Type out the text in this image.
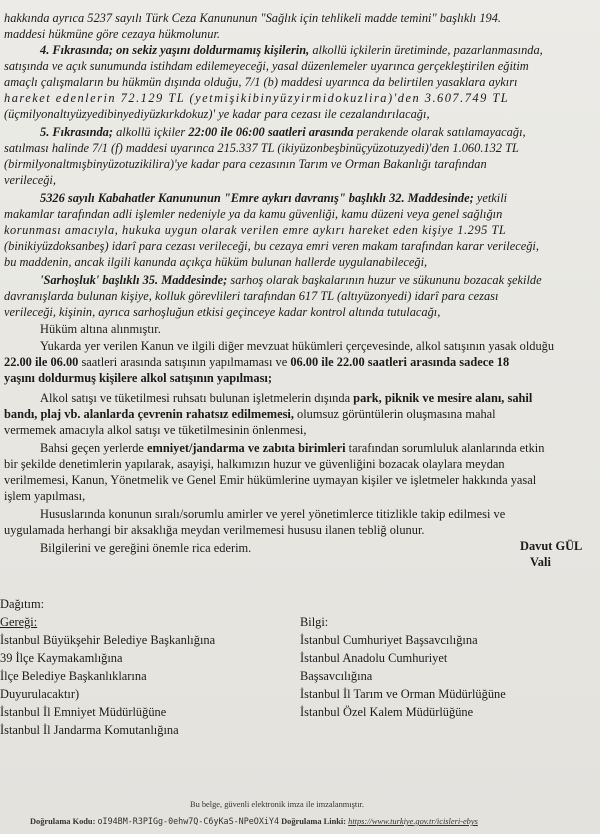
hakkında ayrıca 5237 sayılı Türk Ceza Kanununun "Sağlık için tehlikeli madde temini" başlıklı 194.
maddesi hükmüne göre cezaya hükmolunur.
4. Fıkrasında; on sekiz yaşını doldurmamış kişilerin, alkollü içkilerin üretiminde, pazarlanmasında,
satışında ve açık sunumunda istihdam edilemeyeceği, yasal düzenlemeler uyarınca gerçekleştirilen eğitim
amaçlı çalışmaların bu hükmün dışında olduğu, 7/1 (b) maddesi uyarınca da belirtilen yasaklara aykırı
hareket edenlerin 72.129 TL (yetmişikibinyüzyirmidokuzlira)'den 3.607.749 TL
(üçmilyonaltıyüzyedibinyediyüzkırkdokuz)' ye kadar para cezası ile cezalandırılacağı,
5. Fıkrasında; alkollü içkiler 22:00 ile 06:00 saatleri arasında perakende olarak satılamayacağı,
satılması halinde 7/1 (f) maddesi uyarınca 215.337 TL (ikiyüzonbeşbinüçyüzotuzyedi)'den 1.060.132 TL
(birmilyonaltmışbinyüzotuzikilira)'ye kadar para cezasının Tarım ve Orman Bakanlığı tarafından
verileceği,
5326 sayılı Kabahatler Kanununun "Emre aykırı davranış" başlıklı 32. Maddesinde; yetkili
makamlar tarafından adli işlemler nedeniyle ya da kamu güvenliği, kamu düzeni veya genel sağlığın
korunması amacıyla, hukuka uygun olarak verilen emre aykırı hareket eden kişiye 1.295 TL
(binikiyüzdoksanbeş) idarî para cezası verileceği, bu cezaya emri veren makam tarafından karar verileceği,
bu maddenin, ancak ilgili kanunda açıkça hüküm bulunan hallerde uygulanabileceği,
'Sarhoşluk' başlıklı 35. Maddesinde; sarhoş olarak başkalarının huzur ve sükununu bozacak şekilde
davranışlarda bulunan kişiye, kolluk görevlileri tarafından 617 TL (altıyüzonyedi) idarî para cezası
verileceği, kişinin, ayrıca sarhoşluğun etkisi geçinceye kadar kontrol altında tutulacağı,
Hüküm altına alınmıştır.
Yukarda yer verilen Kanun ve ilgili diğer mevzuat hükümleri çerçevesinde, alkol satışının yasak olduğu
22.00 ile 06.00 saatleri arasında satışının yapılmaması ve 06.00 ile 22.00 saatleri arasında sadece 18
yaşını doldurmuş kişilere alkol satışının yapılması;
Alkol satışı ve tüketilmesi ruhsatı bulunan işletmelerin dışında park, piknik ve mesire alanı, sahil
bandı, plaj vb. alanlarda çevrenin rahatsız edilmemesi, olumsuz görüntülerin oluşmasına mahal
vermemek amacıyla alkol satışı ve tüketilmesinin önlenmesi,
Bahsi geçen yerlerde emniyet/jandarma ve zabıta birimleri tarafından sorumluluk alanlarında etkin
bir şekilde denetimlerin yapılarak, asayişi, halkımızın huzur ve güvenliğini bozacak olaylara meydan
verilmemesi, Kanun, Yönetmelik ve Genel Emir hükümlerine uymayan kişiler ve işletmeler hakkında yasal
işlem yapılması,
Hususlarında konunun sıralı/sorumlu amirler ve yerel yönetimlerce titizlikle takip edilmesi ve
uygulamada herhangi bir aksaklığa meydan verilmemesi hususu ilanen tebliğ olunur.
Bilgilerini ve gereğini önemle rica ederim.	Davut GÜL
Vali
Dağıtım:
Gereği:
İstanbul Büyükşehir Belediye Başkanlığına
39 İlçe Kaymakamlığına
İlçe Belediye Başkanlıklarına
Duyurulacaktır)
İstanbul İl Emniyet Müdürlüğüne
İstanbul İl Jandarma Komutanlığına
Bilgi:
İstanbul Cumhuriyet Başsavcılığına
İstanbul Anadolu Cumhuriyet
Başsavcılığına
İstanbul İl Tarım ve Orman Müdürlüğüne
İstanbul Özel Kalem Müdürlüğüne
Bu belge, güvenli elektronik imza ile imzalanmıştır.
Doğrulama Kodu: oI94BM-R3PIGg-0ehw7Q-C6yKaS-NPeOXiY4 Doğrulama Linki: https://www.turkiye.gov.tr/icisleri-ebys
